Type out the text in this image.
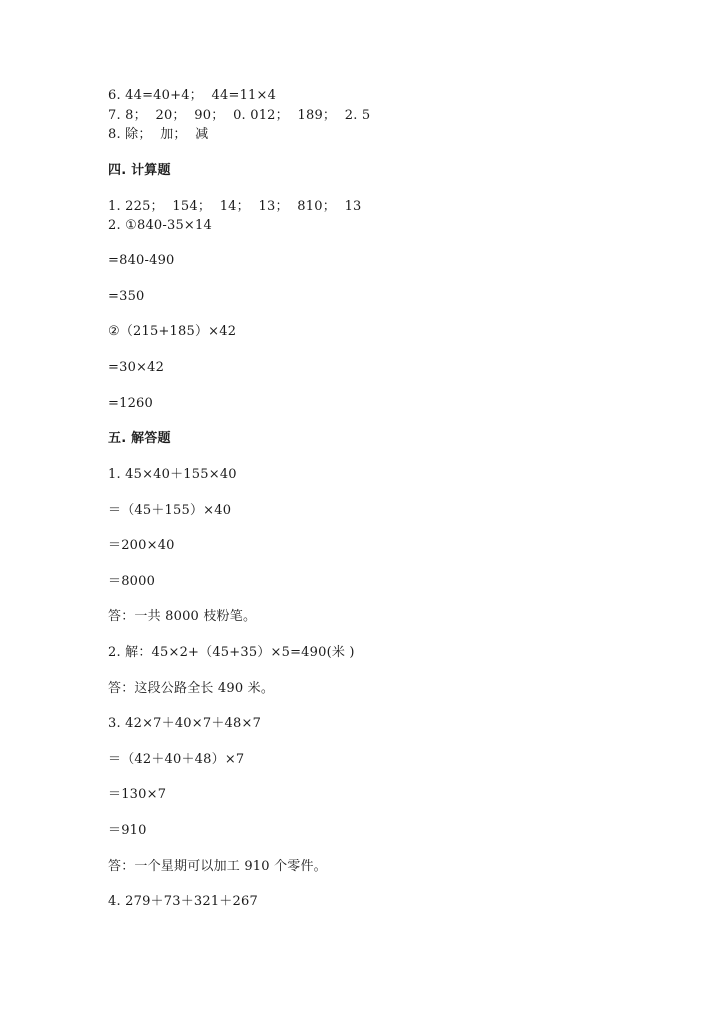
6. 44=40+4；  44=11×4
7. 8；  20；  90；  0. 012；  189；  2. 5
8. 除；  加；  减
四. 计算题
1. 225；  154；  14；  13；  810；  13
2. ①840-35×14
=840-490
=350
②（215+185）×42
=30×42
=1260
五. 解答题
1. 45×40＋155×40
＝（45＋155）×40
＝200×40
＝8000
答：一共 8000 枝粉笔。
2. 解：45×2+（45+35）×5=490(米 )
答：这段公路全长 490 米。
3. 42×7＋40×7＋48×7
＝（42＋40＋48）×7
＝130×7
＝910
答：一个星期可以加工 910 个零件。
4. 279＋73＋321＋267
